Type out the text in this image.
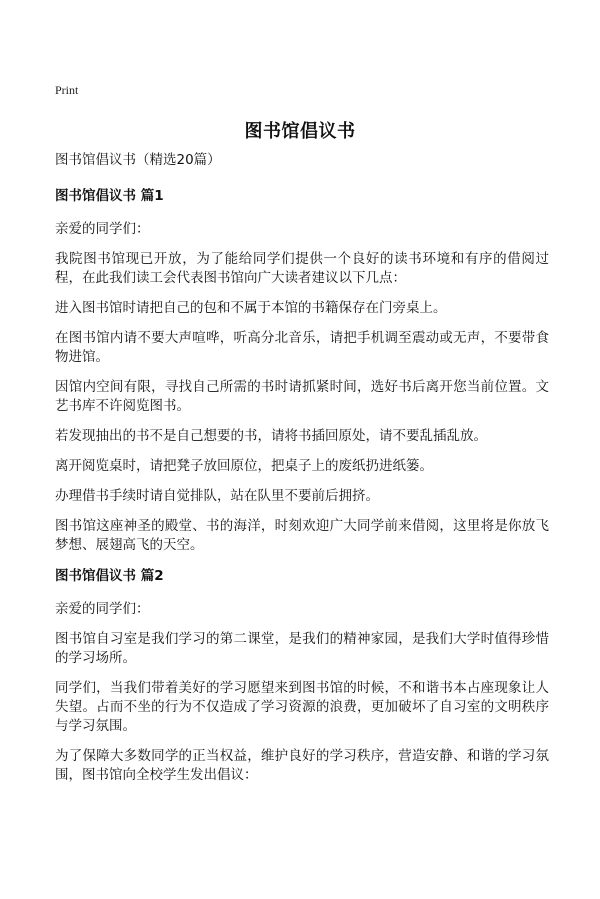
Print
图书馆倡议书

图书馆倡议书（精选20篇）

图书馆倡议书 篇1

亲爱的同学们：

我院图书馆现已开放，为了能给同学们提供一个良好的读书环境和有序的借阅过程，在此我们读工会代表图书馆向广大读者建议以下几点：

进入图书馆时请把自己的包和不属于本馆的书籍保存在门旁桌上。

在图书馆内请不要大声喧哗，听高分北音乐，请把手机调至震动或无声，不要带食物进馆。

因馆内空间有限，寻找自己所需的书时请抓紧时间，选好书后离开您当前位置。文艺书库不许阅览图书。

若发现抽出的书不是自己想要的书，请将书插回原处，请不要乱插乱放。

离开阅览桌时，请把凳子放回原位，把桌子上的废纸扔进纸篓。

办理借书手续时请自觉排队，站在队里不要前后拥挤。

图书馆这座神圣的殿堂、书的海洋，时刻欢迎广大同学前来借阅，这里将是你放飞梦想、展翅高飞的天空。

图书馆倡议书 篇2

亲爱的同学们：

图书馆自习室是我们学习的第二课堂，是我们的精神家园，是我们大学时值得珍惜的学习场所。

同学们，当我们带着美好的学习愿望来到图书馆的时候，不和谐书本占座现象让人失望。占而不坐的行为不仅造成了学习资源的浪费，更加破坏了自习室的文明秩序与学习氛围。

为了保障大多数同学的正当权益，维护良好的学习秩序，营造安静、和谐的学习氛围，图书馆向全校学生发出倡议：
